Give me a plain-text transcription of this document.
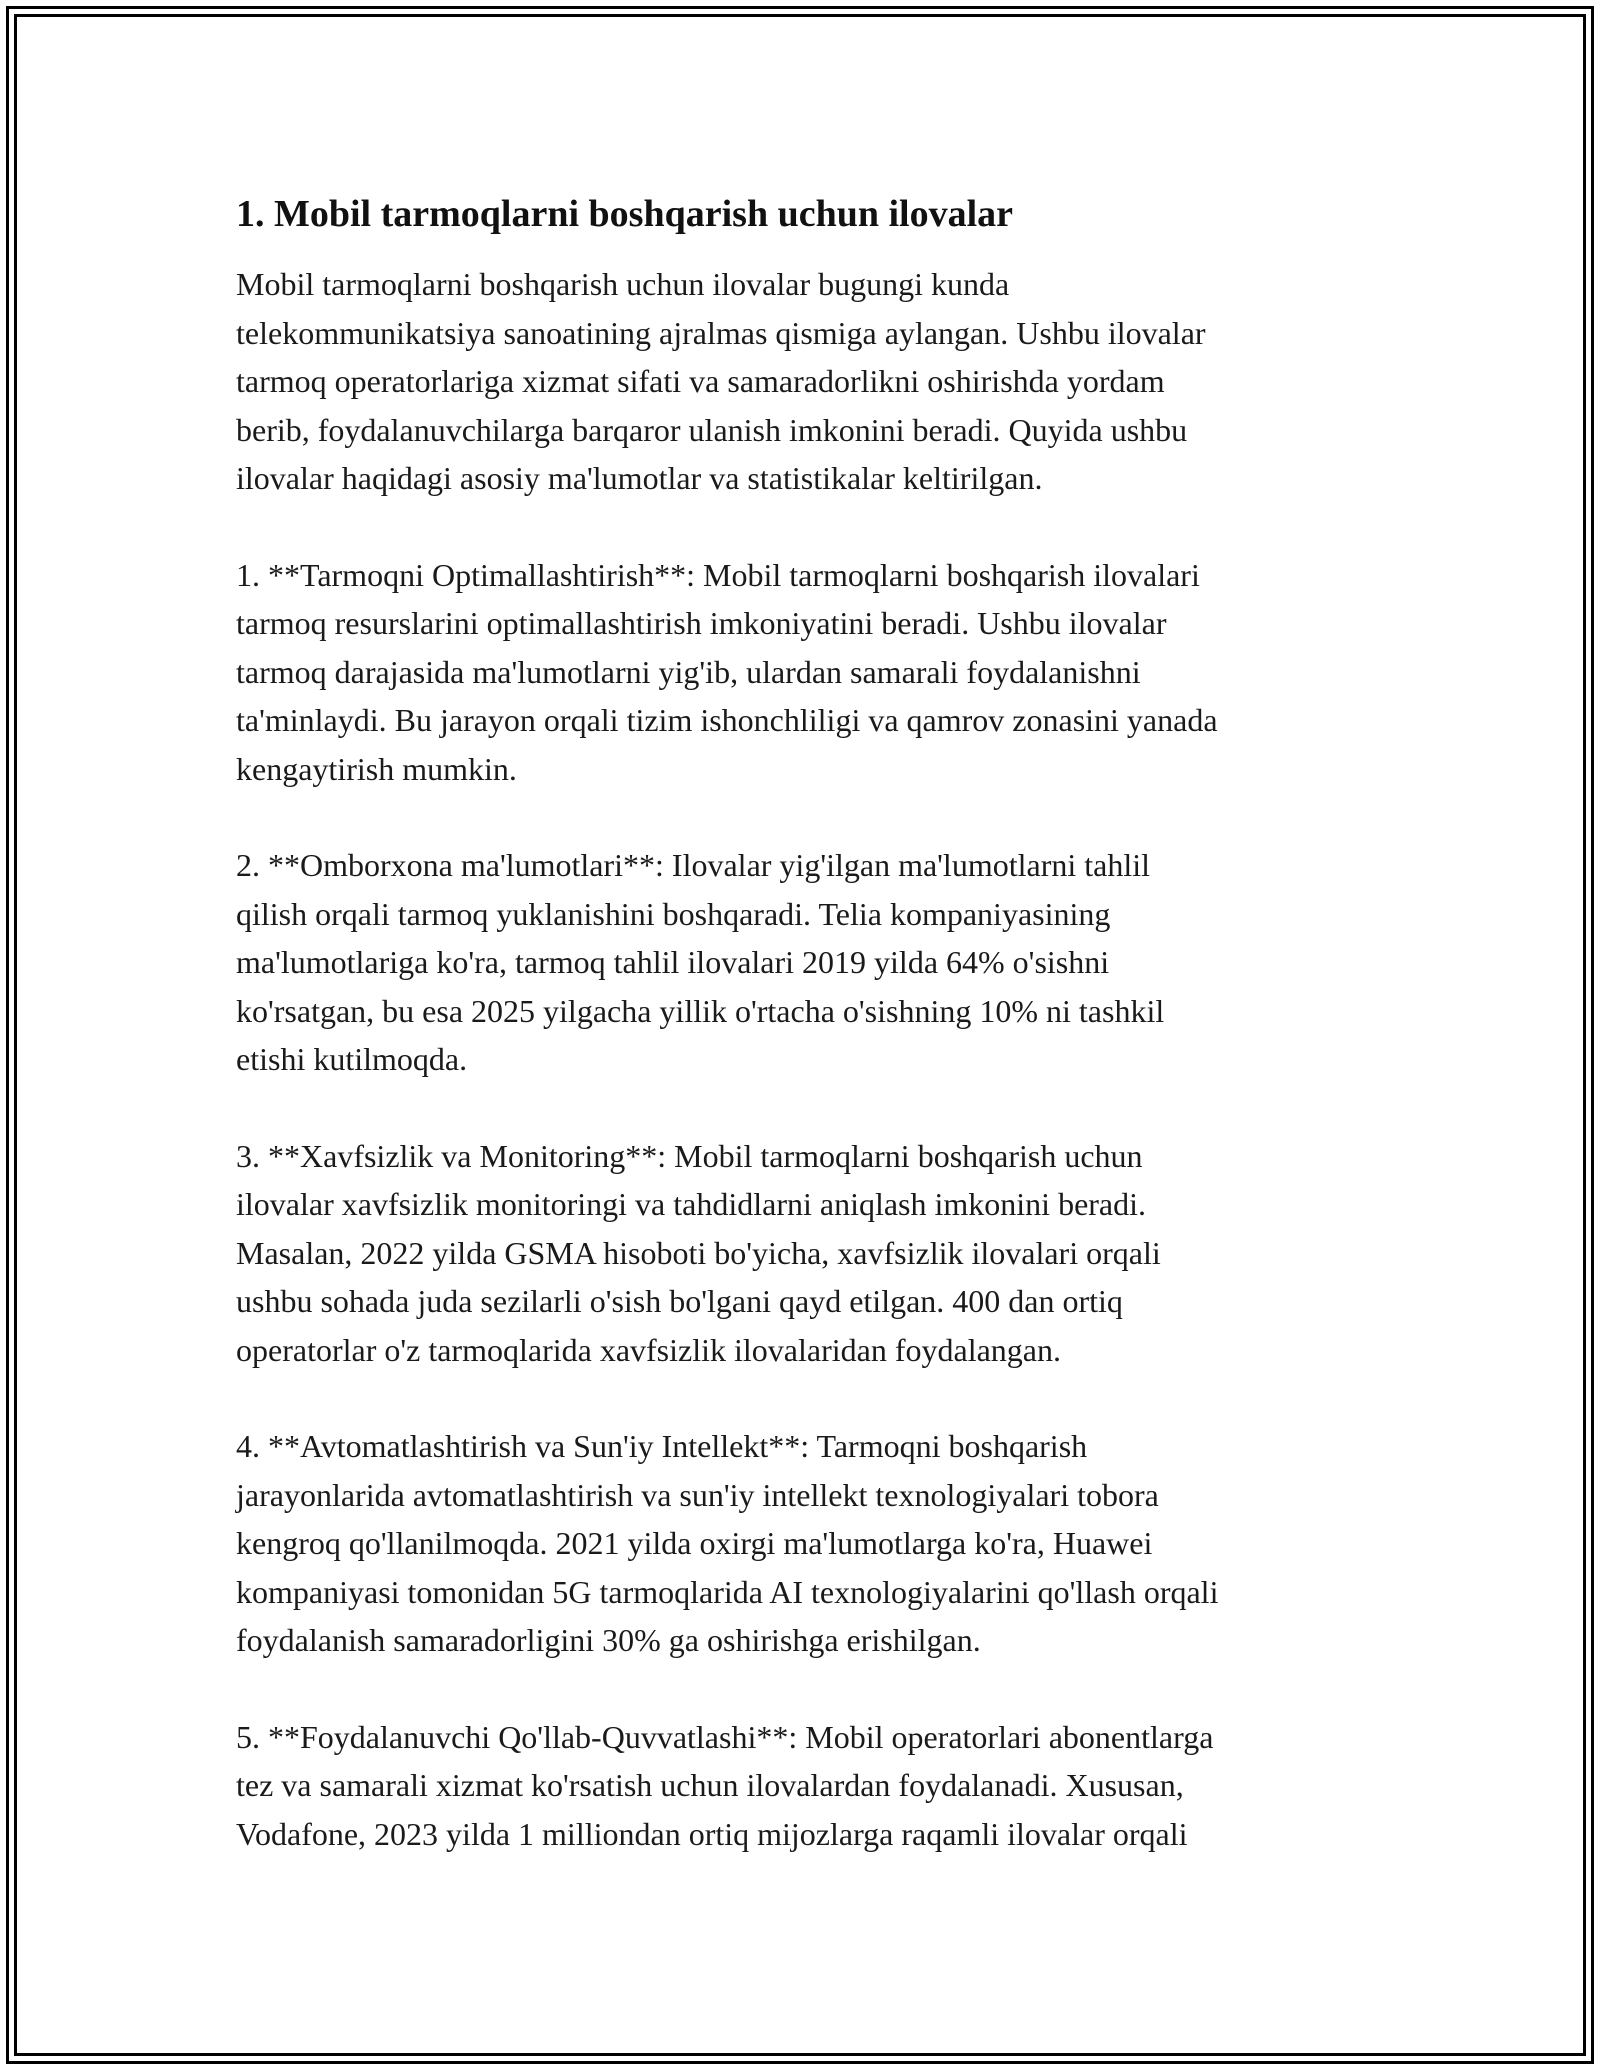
1. Mobil tarmoqlarni boshqarish uchun ilovalar

Mobil tarmoqlarni boshqarish uchun ilovalar bugungi kunda
telekommunikatsiya sanoatining ajralmas qismiga aylangan. Ushbu ilovalar
tarmoq operatorlariga xizmat sifati va samaradorlikni oshirishda yordam
berib, foydalanuvchilarga barqaror ulanish imkonini beradi. Quyida ushbu
ilovalar haqidagi asosiy ma'lumotlar va statistikalar keltirilgan.

1. **Tarmoqni Optimallashtirish**: Mobil tarmoqlarni boshqarish ilovalari
tarmoq resurslarini optimallashtirish imkoniyatini beradi. Ushbu ilovalar
tarmoq darajasida ma'lumotlarni yig'ib, ulardan samarali foydalanishni
ta'minlaydi. Bu jarayon orqali tizim ishonchliligi va qamrov zonasini yanada
kengaytirish mumkin.

2. **Omborxona ma'lumotlari**: Ilovalar yig'ilgan ma'lumotlarni tahlil
qilish orqali tarmoq yuklanishini boshqaradi. Telia kompaniyasining
ma'lumotlariga ko'ra, tarmoq tahlil ilovalari 2019 yilda 64% o'sishni
ko'rsatgan, bu esa 2025 yilgacha yillik o'rtacha o'sishning 10% ni tashkil
etishi kutilmoqda.

3. **Xavfsizlik va Monitoring**: Mobil tarmoqlarni boshqarish uchun
ilovalar xavfsizlik monitoringi va tahdidlarni aniqlash imkonini beradi.
Masalan, 2022 yilda GSMA hisoboti bo'yicha, xavfsizlik ilovalari orqali
ushbu sohada juda sezilarli o'sish bo'lgani qayd etilgan. 400 dan ortiq
operatorlar o'z tarmoqlarida xavfsizlik ilovalaridan foydalangan.

4. **Avtomatlashtirish va Sun'iy Intellekt**: Tarmoqni boshqarish
jarayonlarida avtomatlashtirish va sun'iy intellekt texnologiyalari tobora
kengroq qo'llanilmoqda. 2021 yilda oxirgi ma'lumotlarga ko'ra, Huawei
kompaniyasi tomonidan 5G tarmoqlarida AI texnologiyalarini qo'llash orqali
foydalanish samaradorligini 30% ga oshirishga erishilgan.

5. **Foydalanuvchi Qo'llab-Quvvatlashi**: Mobil operatorlari abonentlarga
tez va samarali xizmat ko'rsatish uchun ilovalardan foydalanadi. Xususan,
Vodafone, 2023 yilda 1 milliondan ortiq mijozlarga raqamli ilovalar orqali
